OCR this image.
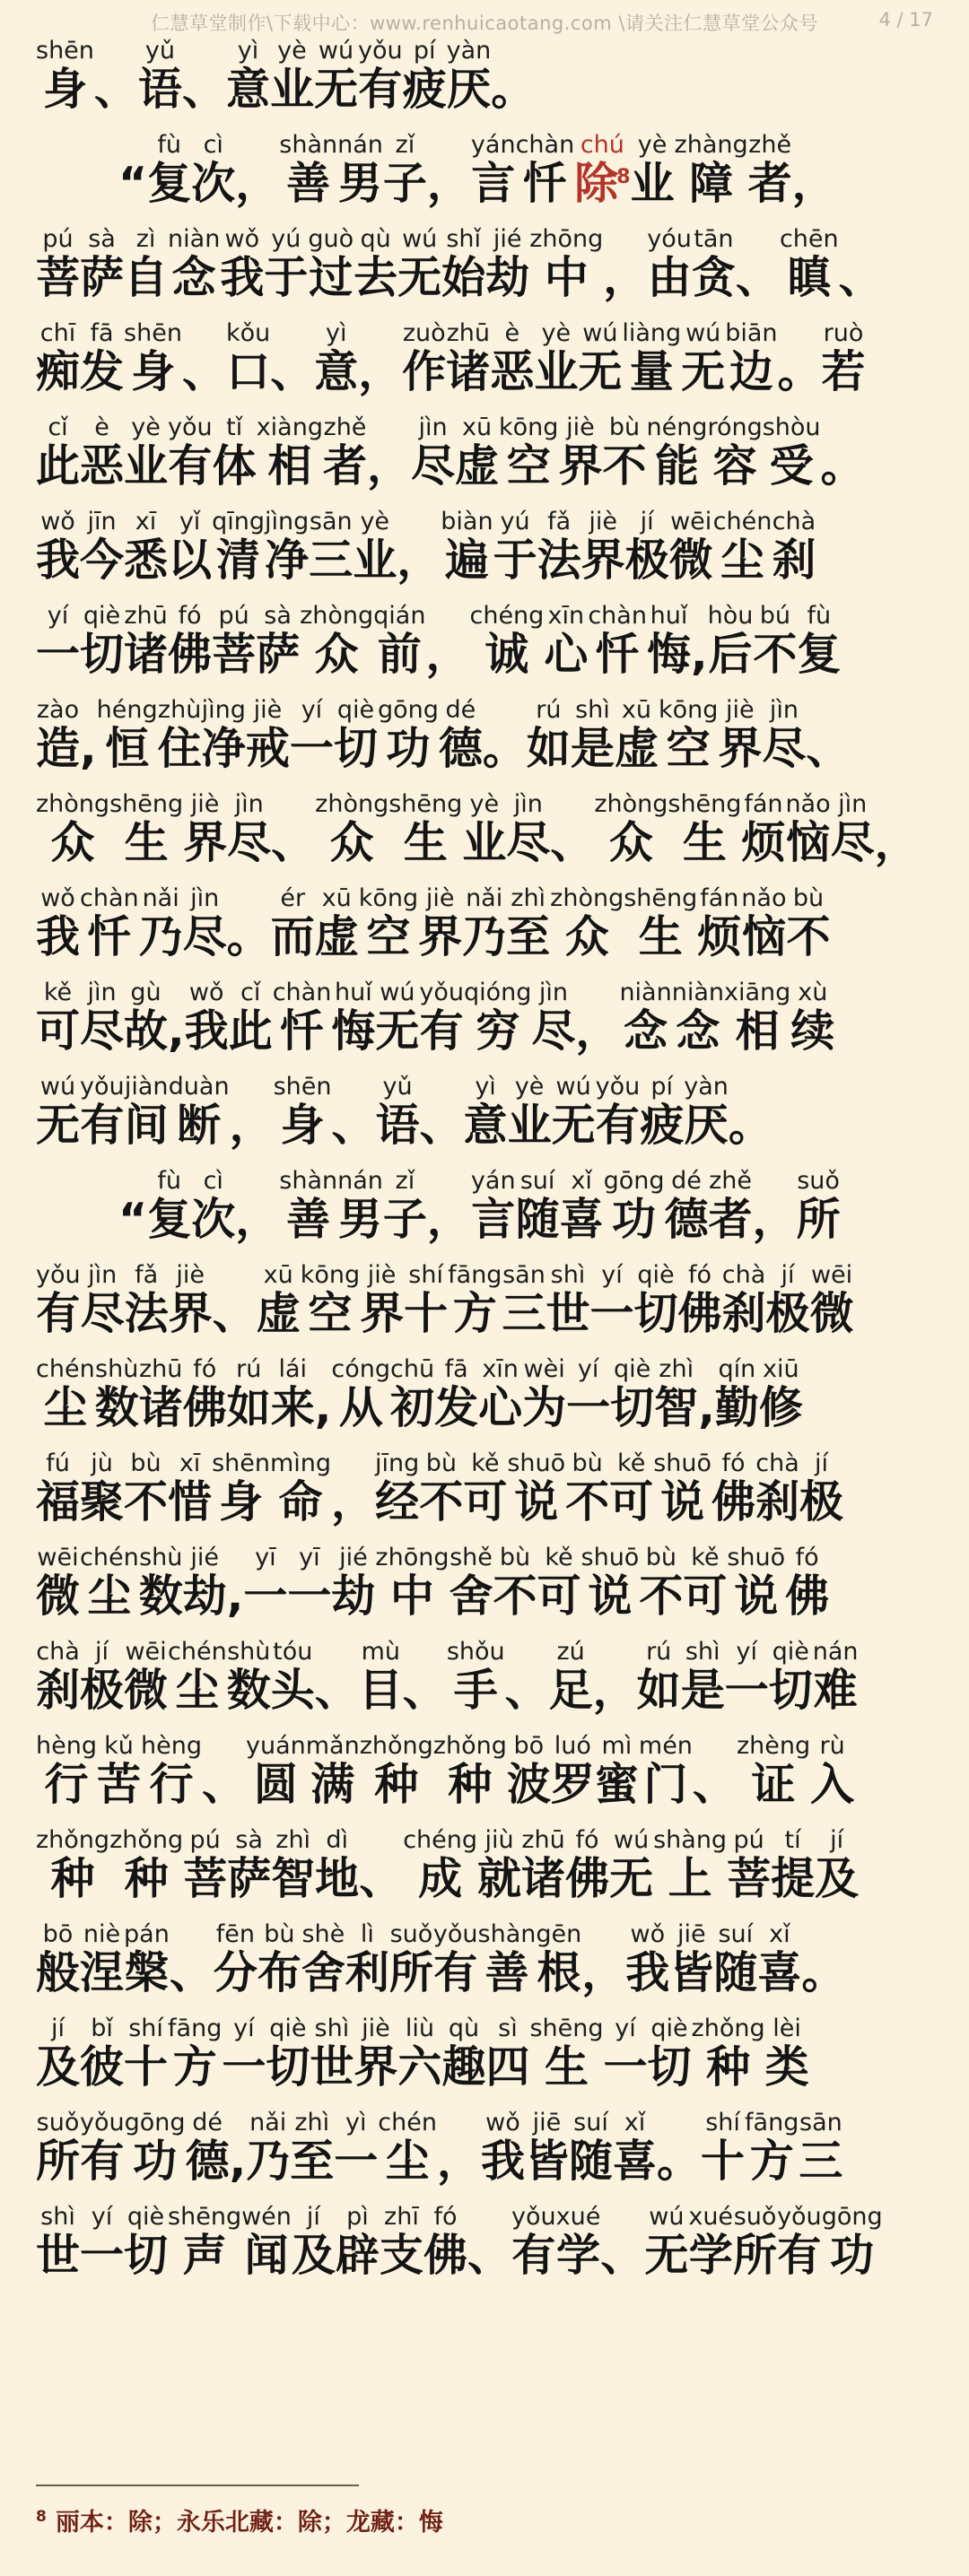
仁慧草堂制作\下载中心：www.renhuicaotang.com \请关注仁慧草堂公众号	4 / 17
身shēn
、 语yǔ
、 意yì
业yè
无wú
有yǒu
疲pí
厌yàn
。
“ 复fù
次cì
， 善shàn
男nán
子zǐ
， 言yán
忏chàn
除$^8$chú
业yè
障zhàng
者zhě
，
菩pú
萨sà
自zì
念niàn
我wǒ
于yú
过guò
去qù
无wú
始shǐ
劫jié
中zhōng
， 由yóu
贪tān
、 瞋chēn
、
痴chī
发fā
身shēn
、 口kǒu
、 意yì
， 作zuò
诸zhū
恶è
业yè
无wú
量liàng
无wú
边biān
。 若ruò
此cǐ
恶è
业yè
有yǒu
体tǐ
相xiàng
者zhě
， 尽jìn
虚xū
空kōng
界jiè
不bù
能néng
容róng
受shòu
。
我wǒ
今jīn
悉xī
以yǐ
清qīng
净jìng
三sān
业yè
， 遍biàn
于yú
法fǎ
界jiè
极jí
微wēi
尘chén
刹chà
一yí
切qiè
诸zhū
佛fó
菩pú
萨sà
众zhòng
前qián
， 诚chéng
心xīn
忏chàn
悔huǐ
, 后hòu
不bú
复fù
造zào
, 恒héng
住zhù
净jìng
戒jiè
一yí
切qiè
功gōng
德dé
。 如rú
是shì
虚xū
空kōng
界jiè
尽jìn
、
众zhòng
生shēng
界jiè
尽jìn
、 众zhòng
生shēng
业yè
尽jìn
、 众zhòng
生shēng
烦fán
恼nǎo
尽jìn
，
我wǒ
忏chàn
乃nǎi
尽jìn
。 而ér
虚xū
空kōng
界jiè
乃nǎi
至zhì
众zhòng
生shēng
烦fán
恼nǎo
不bù
可kě
尽jìn
故gù
, 我wǒ
此cǐ
忏chàn
悔huǐ
无wú
有yǒu
穷qióng
尽jìn
， 念niàn
念niàn
相xiāng
续xù
无wú
有yǒu
间jiàn
断duàn
， 身shēn
、 语yǔ
、 意yì
业yè
无wú
有yǒu
疲pí
厌yàn
。
“ 复fù
次cì
， 善shàn
男nán
子zǐ
， 言yán
随suí
喜xǐ
功gōng
德dé
者zhě
， 所suǒ
有yǒu
尽jìn
法fǎ
界jiè
、 虚xū
空kōng
界jiè
十shí
方fāng
三sān
世shì
一yí
切qiè
佛fó
刹chà
极jí
微wēi
尘chén
数shù
诸zhū
佛fó
如rú
来lái
, 从cóng
初chū
发fā
心xīn
为wèi
一yí
切qiè
智zhì
, 勤qín
修xiū
福fú
聚jù
不bù
惜xī
身shēn
命mìng
， 经jīng
不bù
可kě
说shuō
不bù
可kě
说shuō
佛fó
刹chà
极jí
微wēi
尘chén
数shù
劫jié
, 一yī
一yī
劫jié
中zhōng
舍shě
不bù
可kě
说shuō
不bù
可kě
说shuō
佛fó
刹chà
极jí
微wēi
尘chén
数shù
头tóu
、 目mù
、 手shǒu
、 足zú
， 如rú
是shì
一yí
切qiè
难nán
行hèng
苦kǔ
行hèng
、 圆yuán
满mǎn
种zhǒng
种zhǒng
波bō
罗luó
蜜mì
门mén
、 证zhèng
入rù
种zhǒng
种zhǒng
菩pú
萨sà
智zhì
地dì
、 成chéng
就jiù
诸zhū
佛fó
无wú
上shàng
菩pú
提tí
及jí
般bō
涅niè
槃pán
、 分fēn
布bù
舍shè
利lì
所suǒ
有yǒu
善shàn
根gēn
， 我wǒ
皆jiē
随suí
喜xǐ
。
及jí
彼bǐ
十shí
方fāng
一yí
切qiè
世shì
界jiè
六liù
趣qù
四sì
生shēng
一yí
切qiè
种zhǒng
类lèi
所suǒ
有yǒu
功gōng
德dé
, 乃nǎi
至zhì
一yì
尘chén
， 我wǒ
皆jiē
随suí
喜xǐ
。 十shí
方fāng
三sān
世shì
一yí
切qiè
声shēng
闻wén
及jí
辟pì
支zhī
佛fó
、 有yǒu
学xué
、 无wú
学xué
所suǒ
有yǒu
功gōng
$^8$ 丽本：除；永乐北藏：除；龙藏：悔
